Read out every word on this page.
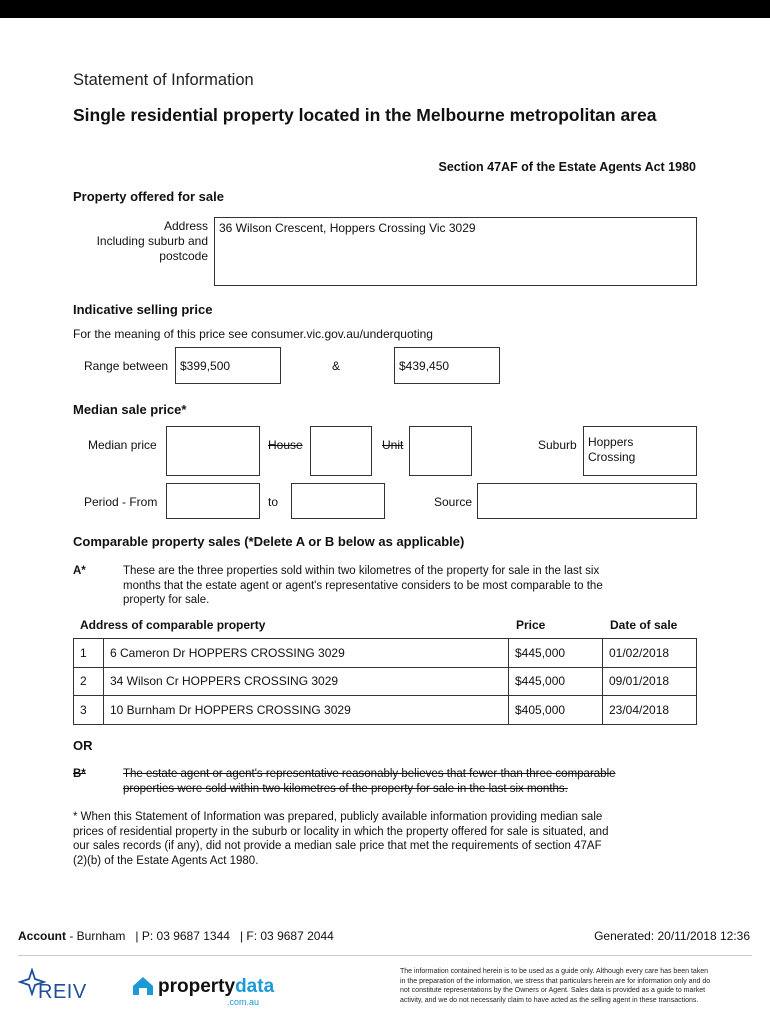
Statement of Information
Single residential property located in the Melbourne metropolitan area
Section 47AF of the Estate Agents Act 1980
Property offered for sale
Address
Including suburb and
postcode
36 Wilson Crescent, Hoppers Crossing Vic 3029
Indicative selling price
For the meaning of this price see consumer.vic.gov.au/underquoting
Range between $399,500	&	$439,450
Median sale price*
Median price	House	Unit	Suburb Hoppers
Crossing
Period - From	to	Source
Comparable property sales (*Delete A or B below as applicable)
A*	These are the three properties sold within two kilometres of the property for sale in the last six
months that the estate agent or agent's representative considers to be most comparable to the
property for sale.
Address of comparable property	Price	Date of sale
1	6 Cameron Dr HOPPERS CROSSING 3029	$445,000	01/02/2018
2	34 Wilson Cr HOPPERS CROSSING 3029	$445,000	09/01/2018
3	10 Burnham Dr HOPPERS CROSSING 3029	$405,000	23/04/2018
OR
B*	The estate agent or agent's representative reasonably believes that fewer than three comparable
properties were sold within two kilometres of the property for sale in the last six months.
* When this Statement of Information was prepared, publicly available information providing median sale
prices of residential property in the suburb or locality in which the property offered for sale is situated, and
our sales records (if any), did not provide a median sale price that met the requirements of section 47AF
(2)(b) of the Estate Agents Act 1980.
Account - Burnham | P: 03 9687 1344 | F: 03 9687 2044	Generated: 20/11/2018 12:36
REIV	propertydata
.com.au
The information contained herein is to be used as a guide only. Although every care has been taken
in the preparation of the information, we stress that particulars herein are for information only and do
not constitute representations by the Owners or Agent. Sales data is provided as a guide to market
activity, and we do not necessarily claim to have acted as the selling agent in these transactions.
